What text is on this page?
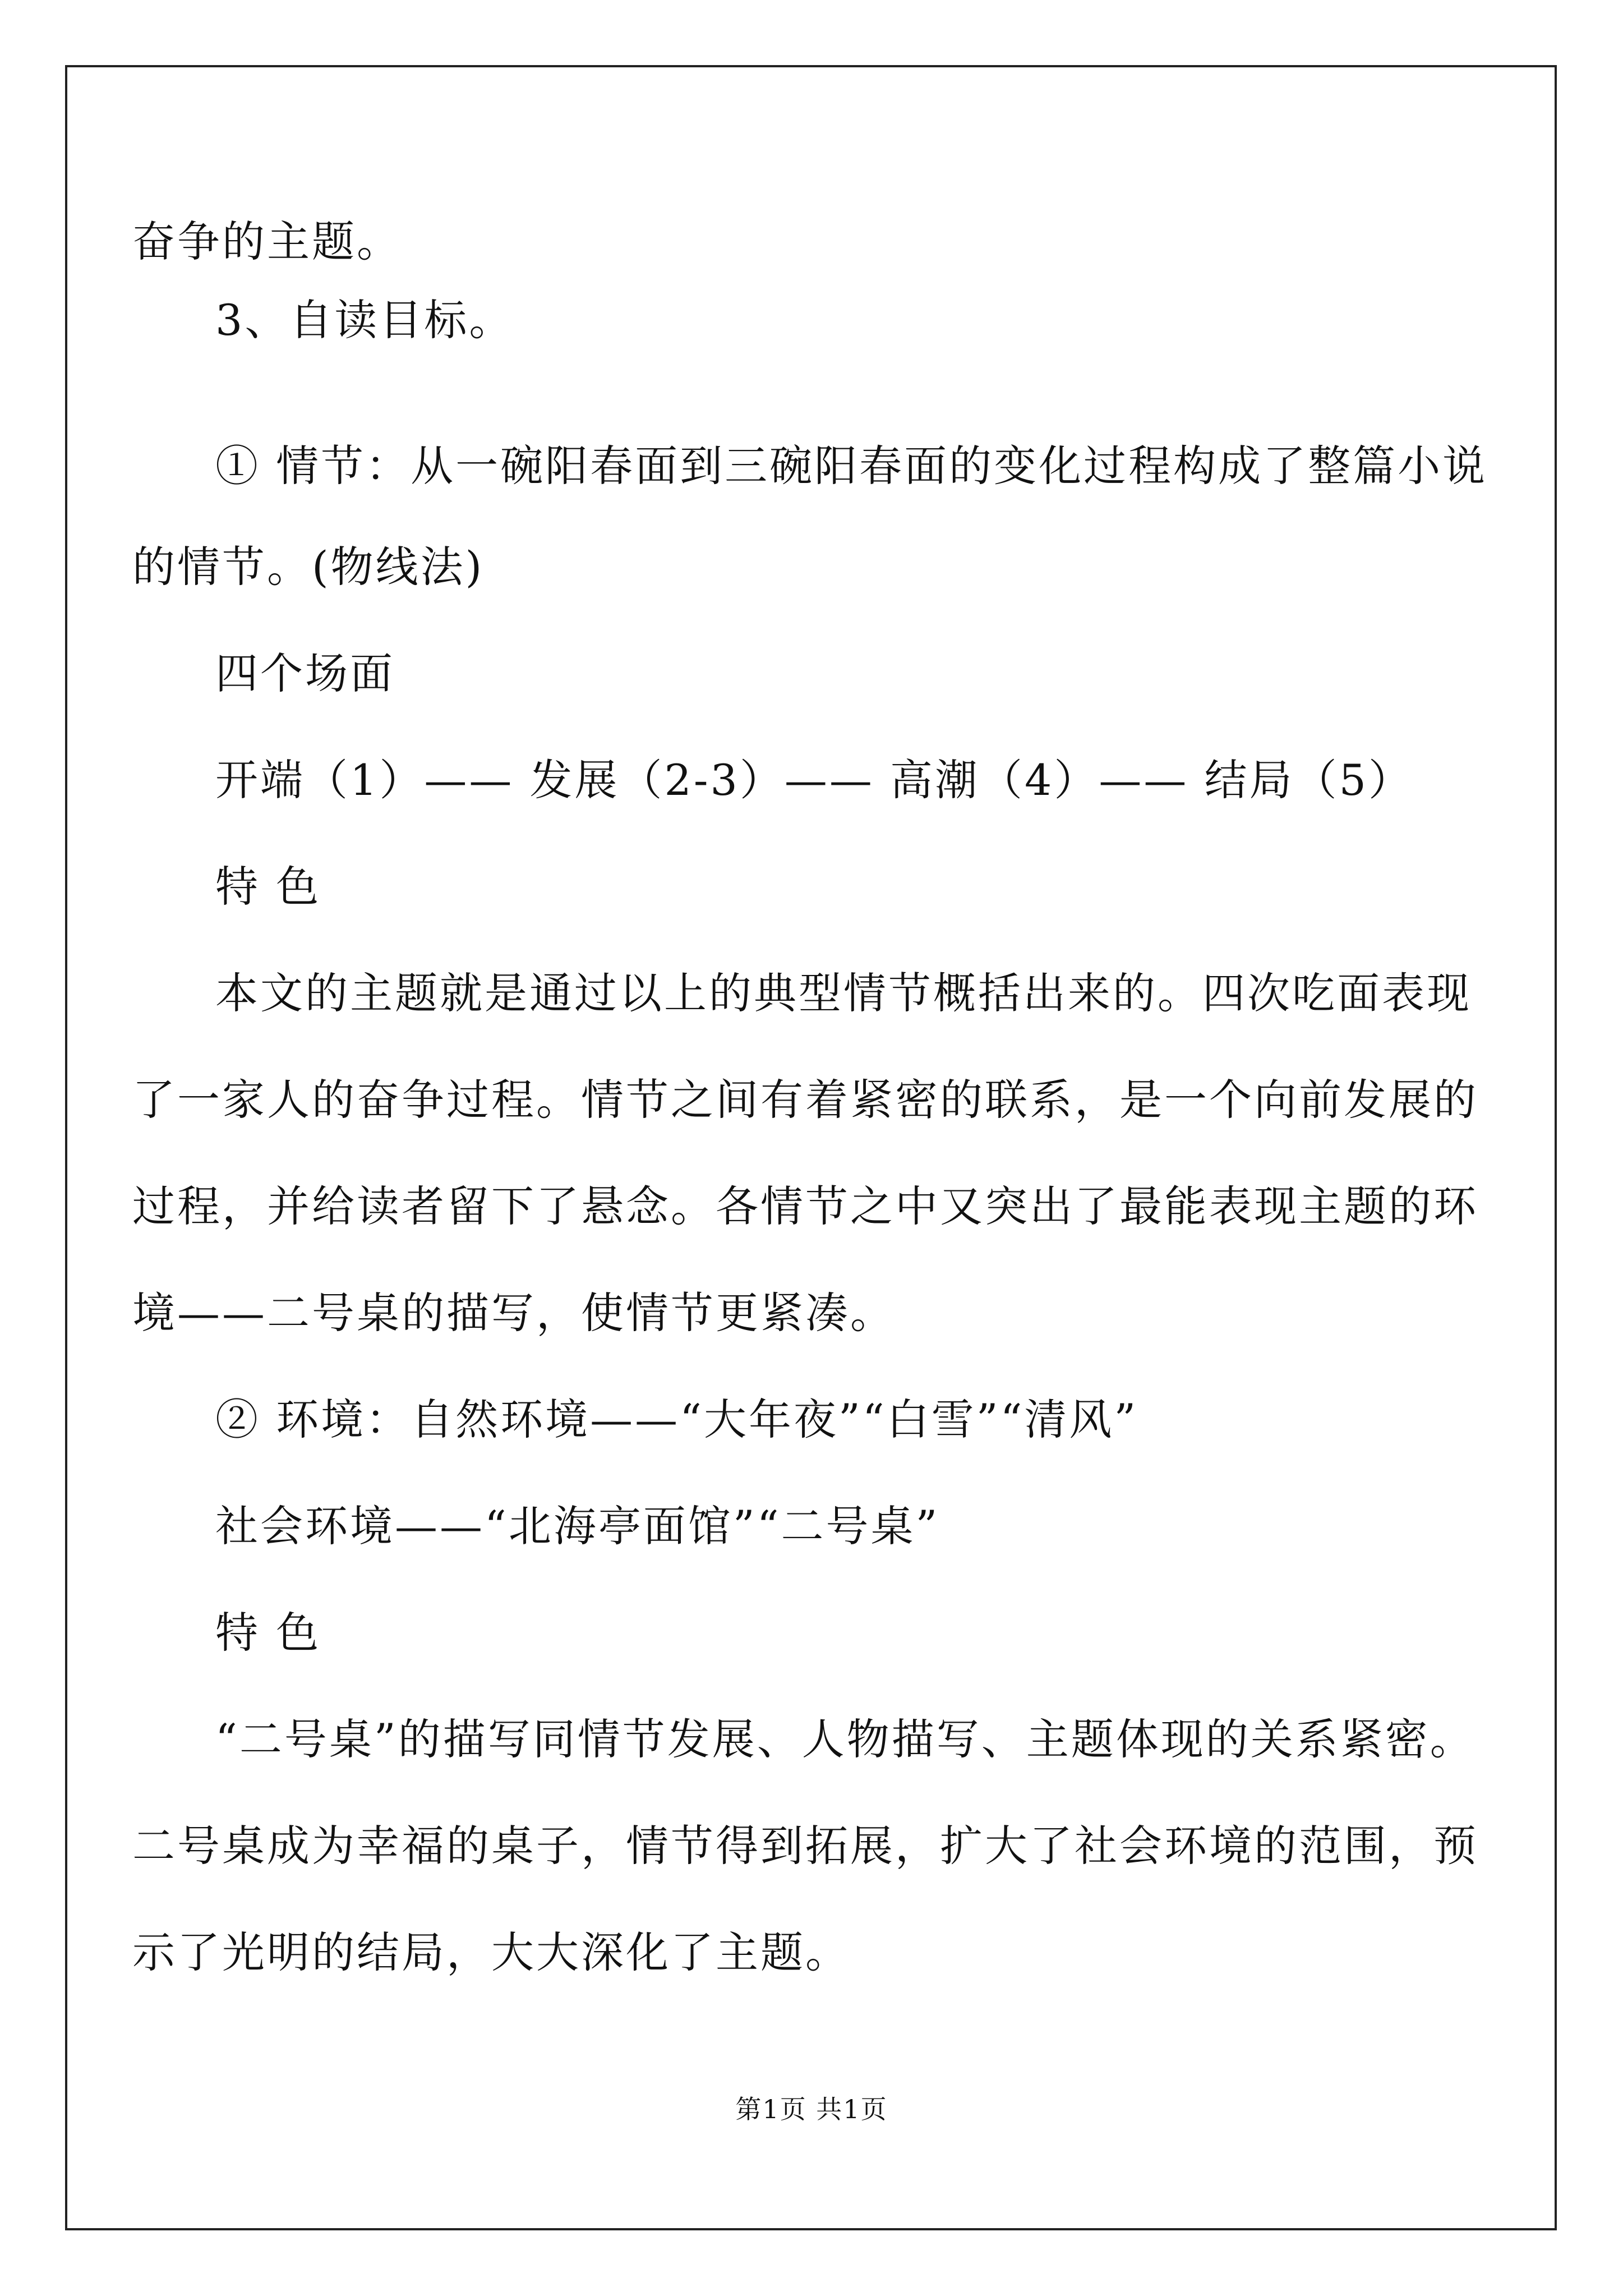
奋争的主题。
3、自读目标。
① 情节：从一碗阳春面到三碗阳春面的变化过程构成了整篇小说
的情节。(物线法)
四个场面
开端（1）—— 发展（2-3）—— 高潮（4）—— 结局（5）
特 色
本文的主题就是通过以上的典型情节概括出来的。四次吃面表现
了一家人的奋争过程。情节之间有着紧密的联系，是一个向前发展的
过程，并给读者留下了悬念。各情节之中又突出了最能表现主题的环
境——二号桌的描写，使情节更紧凑。
② 环境：自然环境——“大年夜”“白雪”“清风”
社会环境——“北海亭面馆”“二号桌”
特 色
“二号桌”的描写同情节发展、人物描写、主题体现的关系紧密。
二号桌成为幸福的桌子，情节得到拓展，扩大了社会环境的范围，预
示了光明的结局，大大深化了主题。
第1页 共1页
